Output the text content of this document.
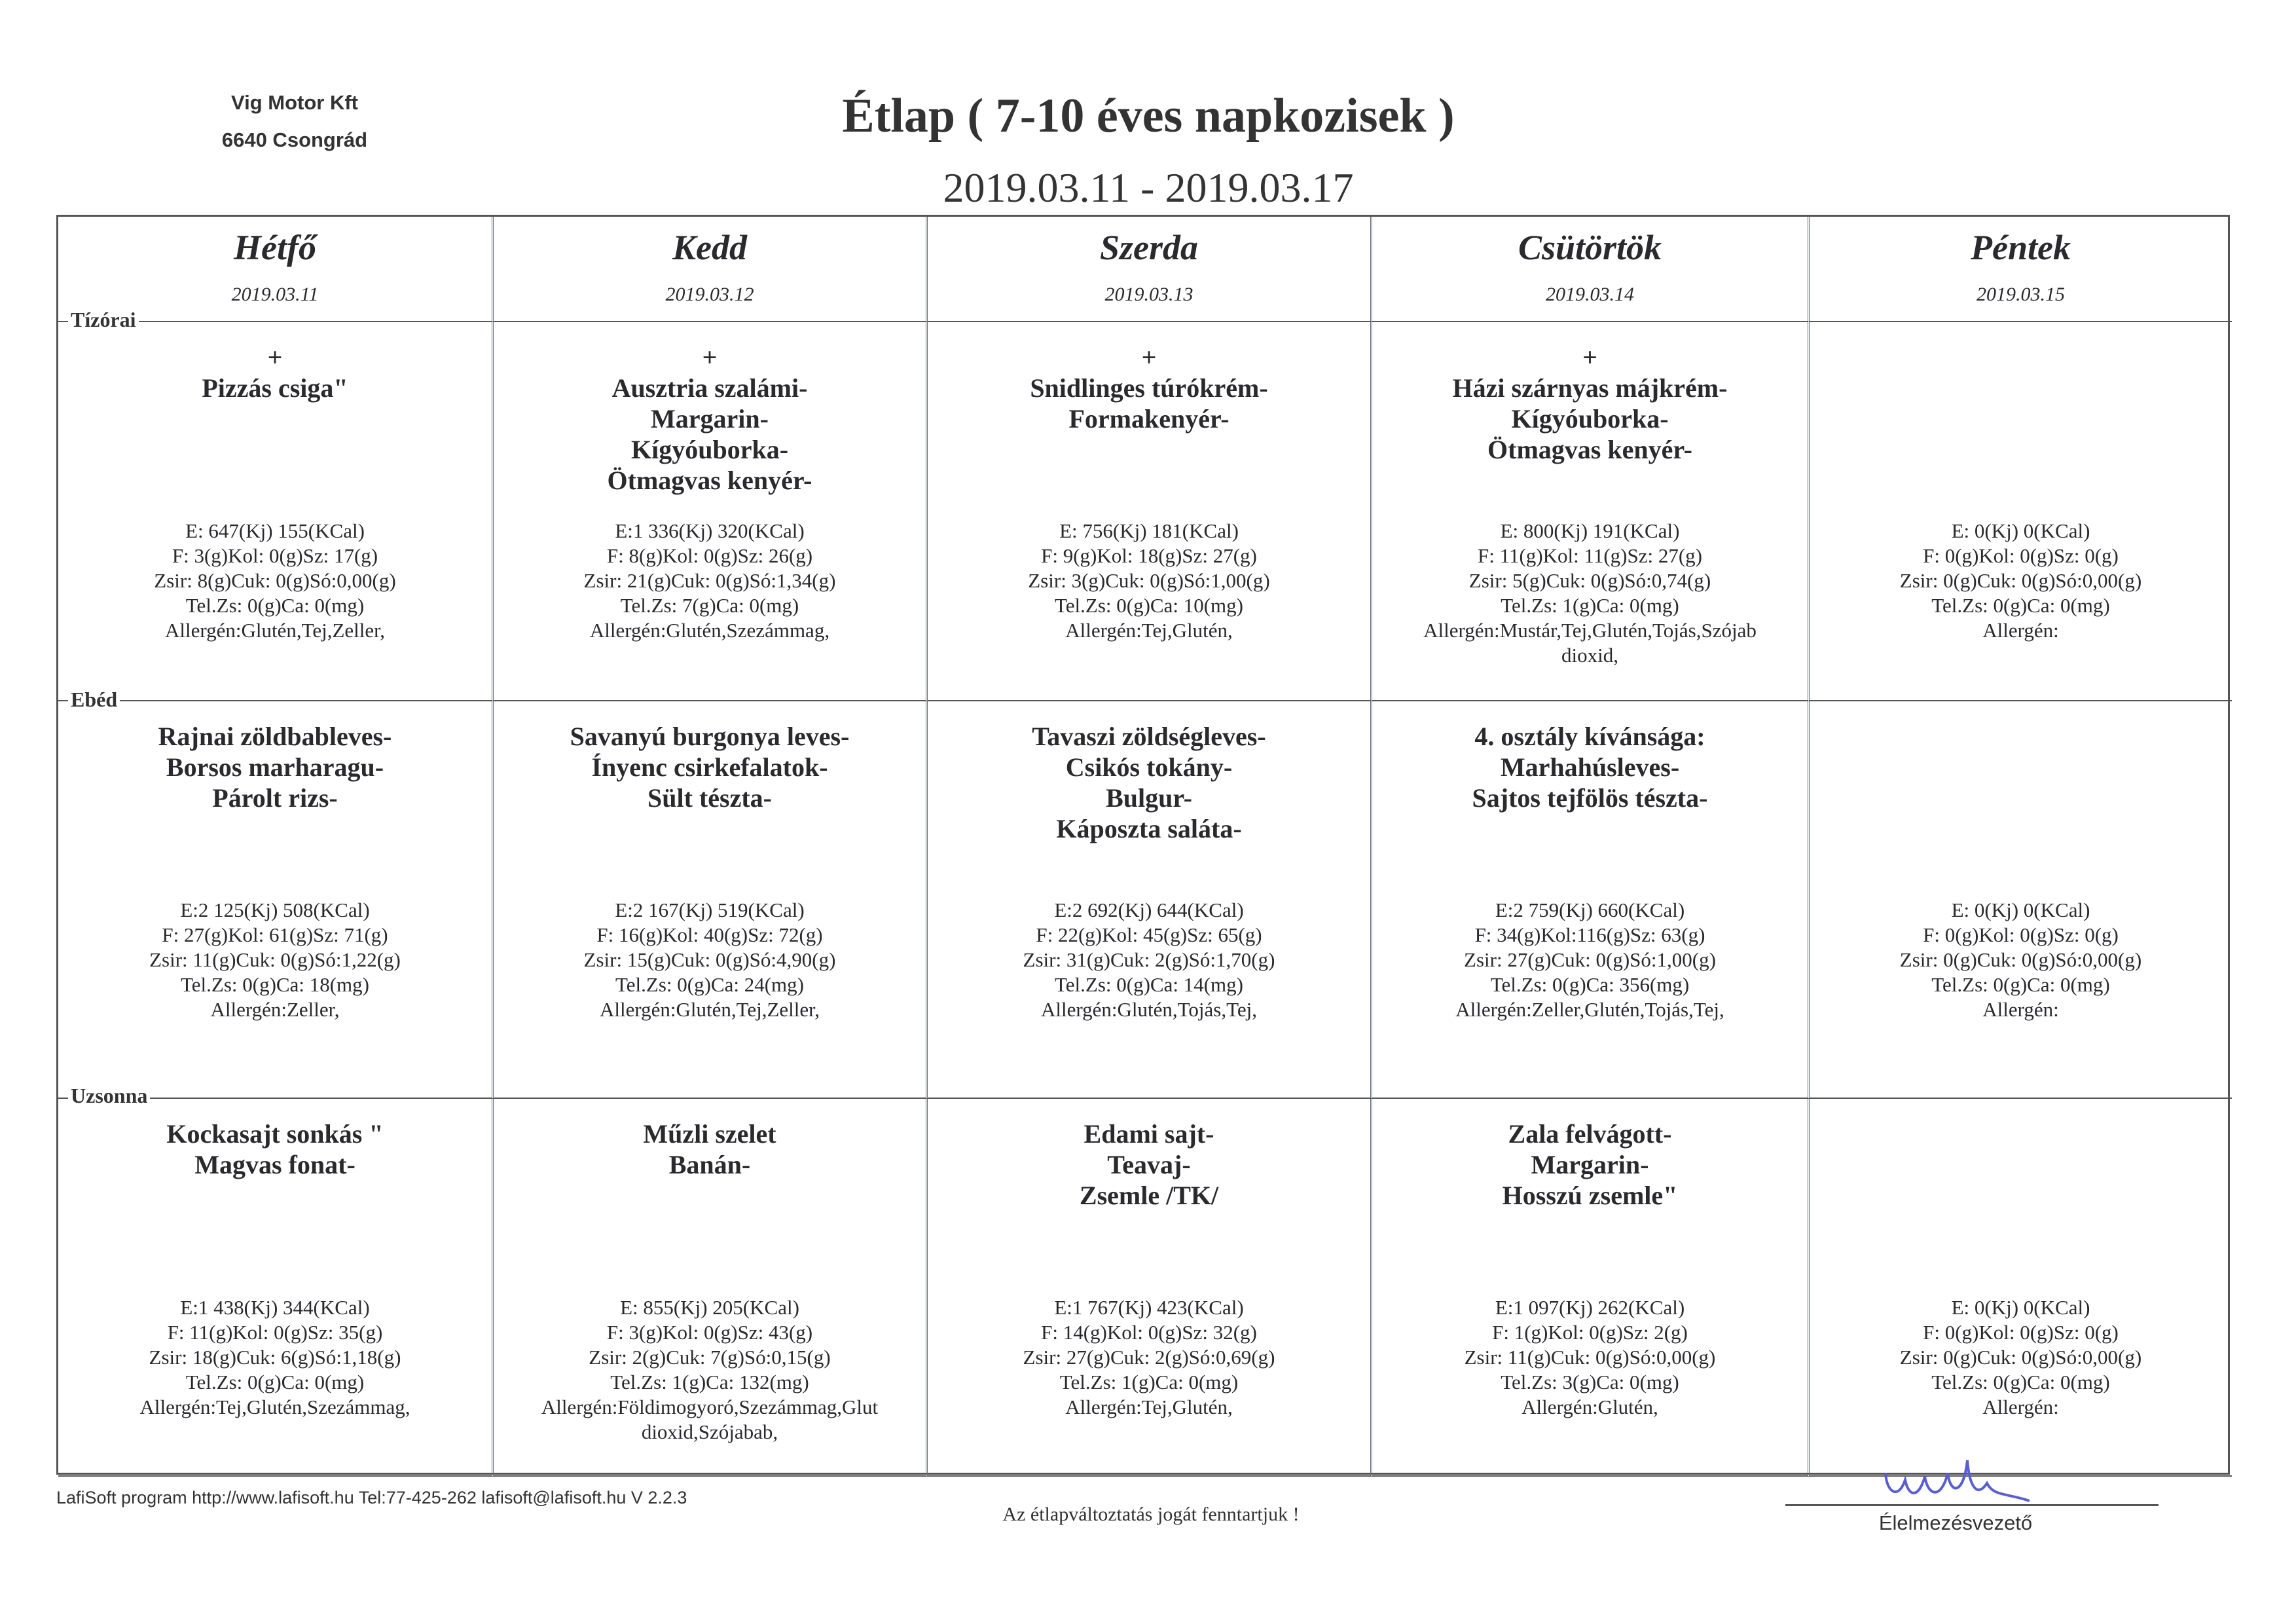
Vig Motor Kft
6640 Csongrád	Étlap ( 7-10 éves napkozisek )
2019.03.11 - 2019.03.17
Hétfő
2019.03.11
+
Pizzás csiga"
E: 647(Kj) 155(KCal)
F: 3(g)Kol: 0(g)Sz: 17(g)
Zsir: 8(g)Cuk: 0(g)Só:0,00(g)
Tel.Zs: 0(g)Ca: 0(mg)
Allergén:Glutén,Tej,Zeller,
Rajnai zöldbableves-
Borsos marharagu-
Párolt rizs-
E:2 125(Kj) 508(KCal)
F: 27(g)Kol: 61(g)Sz: 71(g)
Zsir: 11(g)Cuk: 0(g)Só:1,22(g)
Tel.Zs: 0(g)Ca: 18(mg)
Allergén:Zeller,
Kockasajt sonkás "
Magvas fonat-
E:1 438(Kj) 344(KCal)
F: 11(g)Kol: 0(g)Sz: 35(g)
Zsir: 18(g)Cuk: 6(g)Só:1,18(g)
Tel.Zs: 0(g)Ca: 0(mg)
Allergén:Tej,Glutén,Szezámmag,
Kedd
2019.03.12
+
Ausztria szalámi-
Margarin-
Kígyóuborka-
Ötmagvas kenyér-
E:1 336(Kj) 320(KCal)
F: 8(g)Kol: 0(g)Sz: 26(g)
Zsir: 21(g)Cuk: 0(g)Só:1,34(g)
Tel.Zs: 7(g)Ca: 0(mg)
Allergén:Glutén,Szezámmag,
Savanyú burgonya leves-
Ínyenc csirkefalatok-
Sült tészta-
E:2 167(Kj) 519(KCal)
F: 16(g)Kol: 40(g)Sz: 72(g)
Zsir: 15(g)Cuk: 0(g)Só:4,90(g)
Tel.Zs: 0(g)Ca: 24(mg)
Allergén:Glutén,Tej,Zeller,
Műzli szelet
Banán-
E: 855(Kj) 205(KCal)
F: 3(g)Kol: 0(g)Sz: 43(g)
Zsir: 2(g)Cuk: 7(g)Só:0,15(g)
Tel.Zs: 1(g)Ca: 132(mg)
Allergén:Földimogyoró,Szezámmag,Glut
dioxid,Szójabab,
Szerda
2019.03.13
+
Snidlinges túrókrém-
Formakenyér-
E: 756(Kj) 181(KCal)
F: 9(g)Kol: 18(g)Sz: 27(g)
Zsir: 3(g)Cuk: 0(g)Só:1,00(g)
Tel.Zs: 0(g)Ca: 10(mg)
Allergén:Tej,Glutén,
Tavaszi zöldségleves-
Csikós tokány-
Bulgur-
Káposzta saláta-
E:2 692(Kj) 644(KCal)
F: 22(g)Kol: 45(g)Sz: 65(g)
Zsir: 31(g)Cuk: 2(g)Só:1,70(g)
Tel.Zs: 0(g)Ca: 14(mg)
Allergén:Glutén,Tojás,Tej,
Edami sajt-
Teavaj-
Zsemle /TK/
E:1 767(Kj) 423(KCal)
F: 14(g)Kol: 0(g)Sz: 32(g)
Zsir: 27(g)Cuk: 2(g)Só:0,69(g)
Tel.Zs: 1(g)Ca: 0(mg)
Allergén:Tej,Glutén,
Csütörtök
2019.03.14
+
Házi szárnyas májkrém-
Kígyóuborka-
Ötmagvas kenyér-
E: 800(Kj) 191(KCal)
F: 11(g)Kol: 11(g)Sz: 27(g)
Zsir: 5(g)Cuk: 0(g)Só:0,74(g)
Tel.Zs: 1(g)Ca: 0(mg)
Allergén:Mustár,Tej,Glutén,Tojás,Szójab
dioxid,
4. osztály kívánsága:
Marhahúsleves-
Sajtos tejfölös tészta-
E:2 759(Kj) 660(KCal)
F: 34(g)Kol:116(g)Sz: 63(g)
Zsir: 27(g)Cuk: 0(g)Só:1,00(g)
Tel.Zs: 0(g)Ca: 356(mg)
Allergén:Zeller,Glutén,Tojás,Tej,
Zala felvágott-
Margarin-
Hosszú zsemle"
E:1 097(Kj) 262(KCal)
F: 1(g)Kol: 0(g)Sz: 2(g)
Zsir: 11(g)Cuk: 0(g)Só:0,00(g)
Tel.Zs: 3(g)Ca: 0(mg)
Allergén:Glutén,
Péntek
2019.03.15
E: 0(Kj) 0(KCal)
F: 0(g)Kol: 0(g)Sz: 0(g)
Zsir: 0(g)Cuk: 0(g)Só:0,00(g)
Tel.Zs: 0(g)Ca: 0(mg)
Allergén:
E: 0(Kj) 0(KCal)
F: 0(g)Kol: 0(g)Sz: 0(g)
Zsir: 0(g)Cuk: 0(g)Só:0,00(g)
Tel.Zs: 0(g)Ca: 0(mg)
Allergén:
E: 0(Kj) 0(KCal)
F: 0(g)Kol: 0(g)Sz: 0(g)
Zsir: 0(g)Cuk: 0(g)Só:0,00(g)
Tel.Zs: 0(g)Ca: 0(mg)
Allergén:
Tízórai
Ebéd
Uzsonna
LafiSoft program http://www.lafisoft.hu Tel:77-425-262 lafisoft@lafisoft.hu V 2.2.3
Az étlapváltoztatás jogát fenntartjuk !	Élelmezésvezető
